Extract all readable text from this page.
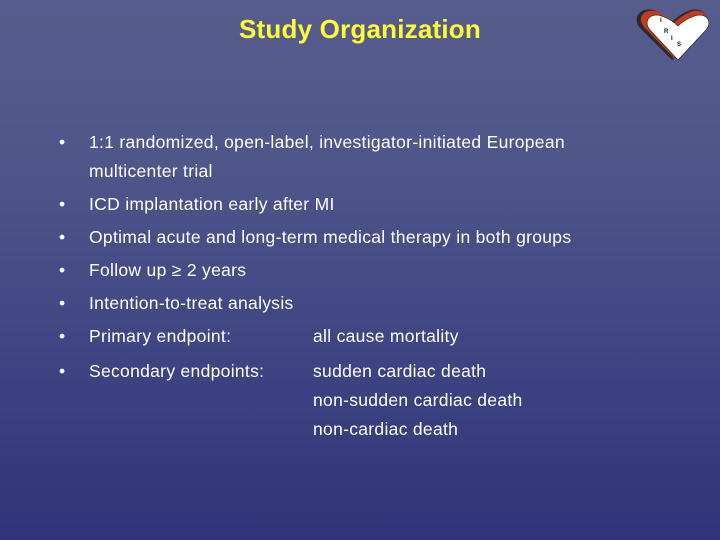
Study Organization	I
R
I
S
•	1:1 randomized, open-label, investigator-initiated European multicenter trial
•	ICD implantation early after MI
•	Optimal acute and long-term medical therapy in both groups
•	Follow up ≥ 2 years
•	Intention-to-treat analysis
•	Primary endpoint:	all cause mortality
•	Secondary endpoints:	sudden cardiac death
non-sudden cardiac death
non-cardiac death
